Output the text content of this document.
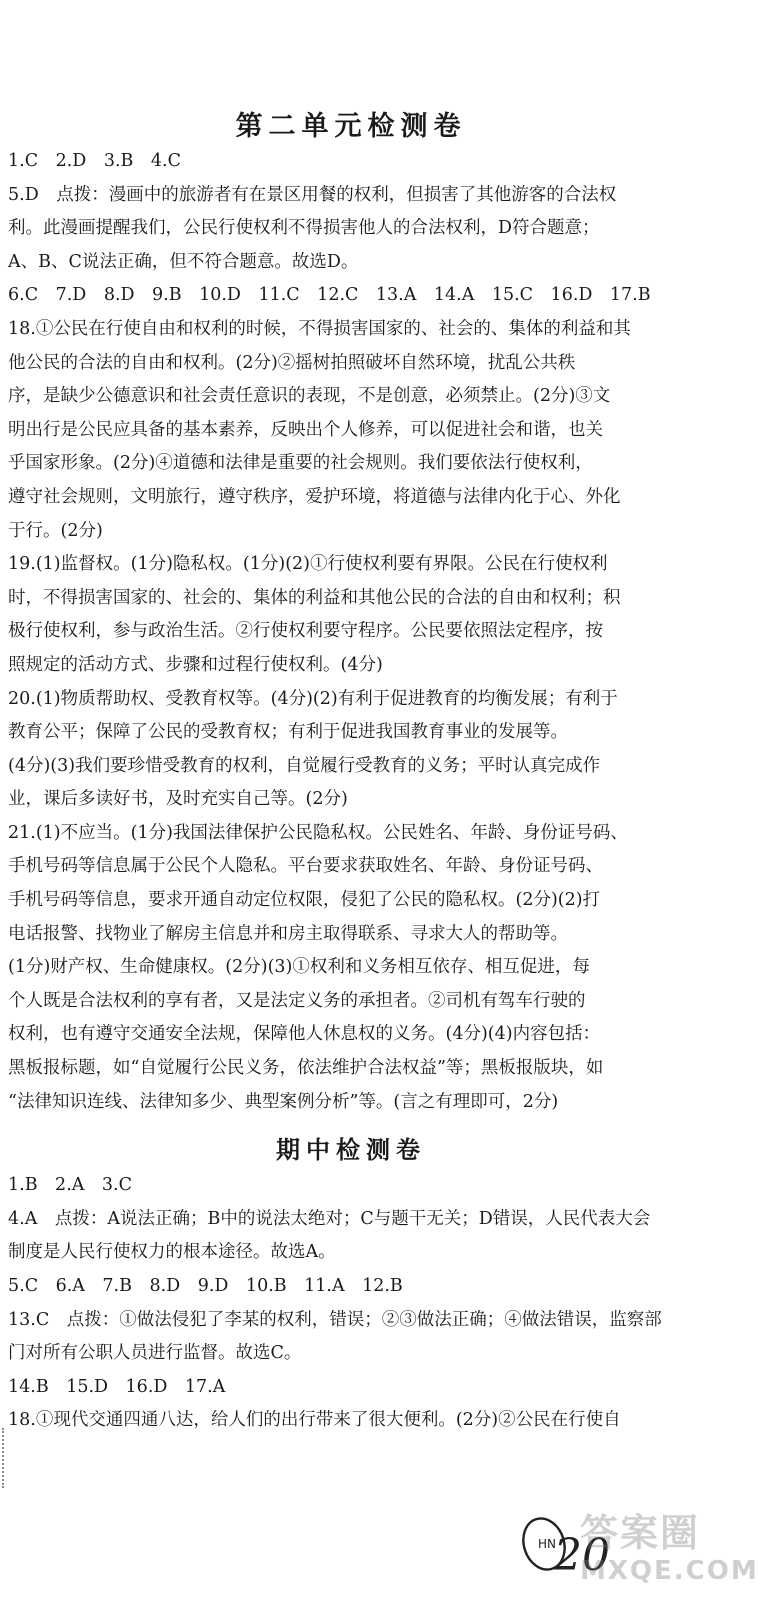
第二单元检测卷
1.C　2.D　3.B　4.C
5.D　点拨：漫画中的旅游者有在景区用餐的权利，但损害了其他游客的合法权
利。此漫画提醒我们，公民行使权利不得损害他人的合法权利，D符合题意；
A、B、C说法正确，但不符合题意。故选D。
6.C　7.D　8.D　9.B　10.D　11.C　12.C　13.A　14.A　15.C　16.D　17.B
18.①公民在行使自由和权利的时候，不得损害国家的、社会的、集体的利益和其
他公民的合法的自由和权利。(2分)②摇树拍照破坏自然环境，扰乱公共秩
序，是缺少公德意识和社会责任意识的表现，不是创意，必须禁止。(2分)③文
明出行是公民应具备的基本素养，反映出个人修养，可以促进社会和谐，也关
乎国家形象。(2分)④道德和法律是重要的社会规则。我们要依法行使权利，
遵守社会规则，文明旅行，遵守秩序，爱护环境，将道德与法律内化于心、外化
于行。(2分)
19.(1)监督权。(1分)隐私权。(1分)(2)①行使权利要有界限。公民在行使权利
时，不得损害国家的、社会的、集体的利益和其他公民的合法的自由和权利；积
极行使权利，参与政治生活。②行使权利要守程序。公民要依照法定程序，按
照规定的活动方式、步骤和过程行使权利。(4分)
20.(1)物质帮助权、受教育权等。(4分)(2)有利于促进教育的均衡发展；有利于
教育公平；保障了公民的受教育权；有利于促进我国教育事业的发展等。
(4分)(3)我们要珍惜受教育的权利，自觉履行受教育的义务；平时认真完成作
业，课后多读好书，及时充实自己等。(2分)
21.(1)不应当。(1分)我国法律保护公民隐私权。公民姓名、年龄、身份证号码、
手机号码等信息属于公民个人隐私。平台要求获取姓名、年龄、身份证号码、
手机号码等信息，要求开通自动定位权限，侵犯了公民的隐私权。(2分)(2)打
电话报警、找物业了解房主信息并和房主取得联系、寻求大人的帮助等。
(1分)财产权、生命健康权。(2分)(3)①权利和义务相互依存、相互促进，每
个人既是合法权利的享有者，又是法定义务的承担者。②司机有驾车行驶的
权利，也有遵守交通安全法规，保障他人休息权的义务。(4分)(4)内容包括：
黑板报标题，如“自觉履行公民义务，依法维护合法权益”等；黑板报版块，如
“法律知识连线、法律知多少、典型案例分析”等。(言之有理即可，2分)
期中检测卷
1.B　2.A　3.C
4.A　点拨：A说法正确；B中的说法太绝对；C与题干无关；D错误，人民代表大会
制度是人民行使权力的根本途径。故选A。
5.C　6.A　7.B　8.D　9.D　10.B　11.A　12.B
13.C　点拨：①做法侵犯了李某的权利，错误；②③做法正确；④做法错误，监察部
门对所有公职人员进行监督。故选C。
14.B　15.D　16.D　17.A
18.①现代交通四通八达，给人们的出行带来了很大便利。(2分)②公民在行使自
HN
20
答案圈
MXQE.COM
